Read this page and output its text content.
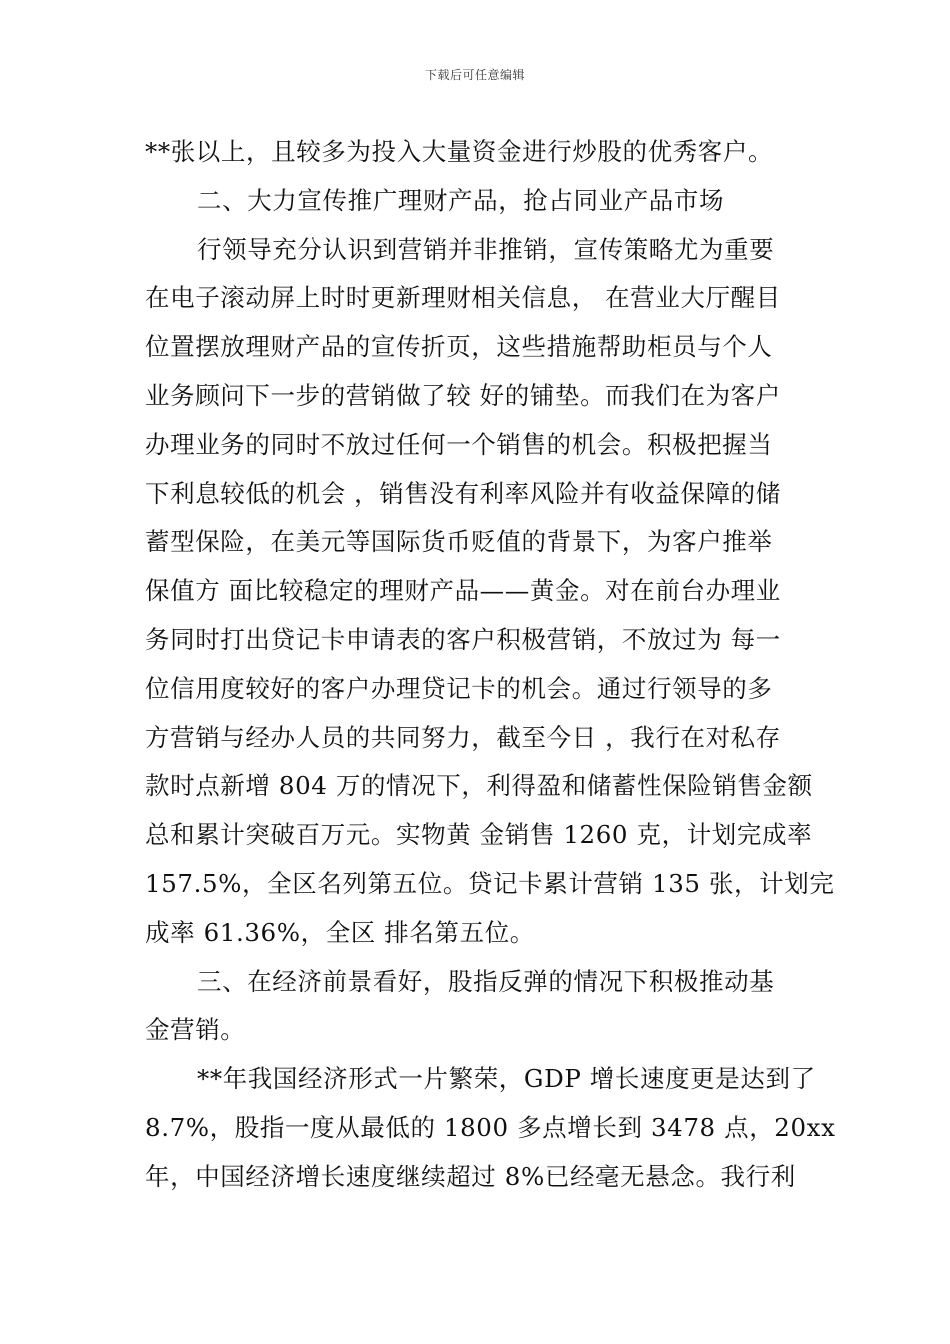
下载后可任意编辑
**张以上，且较多为投入大量资金进行炒股的优秀客户。
二、大力宣传推广理财产品，抢占同业产品市场
行领导充分认识到营销并非推销，宣传策略尤为重要
在电子滚动屏上时时更新理财相关信息， 在营业大厅醒目
位置摆放理财产品的宣传折页，这些措施帮助柜员与个人
业务顾问下一步的营销做了较 好的铺垫。而我们在为客户
办理业务的同时不放过任何一个销售的机会。积极把握当
下利息较低的机会 ，销售没有利率风险并有收益保障的储
蓄型保险，在美元等国际货币贬值的背景下，为客户推举
保值方 面比较稳定的理财产品——黄金。对在前台办理业
务同时打出贷记卡申请表的客户积极营销，不放过为 每一
位信用度较好的客户办理贷记卡的机会。通过行领导的多
方营销与经办人员的共同努力，截至今日 ，我行在对私存
款时点新增 804 万的情况下，利得盈和储蓄性保险销售金额
总和累计突破百万元。实物黄 金销售 1260 克，计划完成率
157.5%，全区名列第五位。贷记卡累计营销 135 张，计划完
成率 61.36%，全区 排名第五位。
三、在经济前景看好，股指反弹的情况下积极推动基
金营销。
**年我国经济形式一片繁荣，GDP 增长速度更是达到了
8.7%，股指一度从最低的 1800 多点增长到 3478 点，20xx
年，中国经济增长速度继续超过 8%已经毫无悬念。我行利
